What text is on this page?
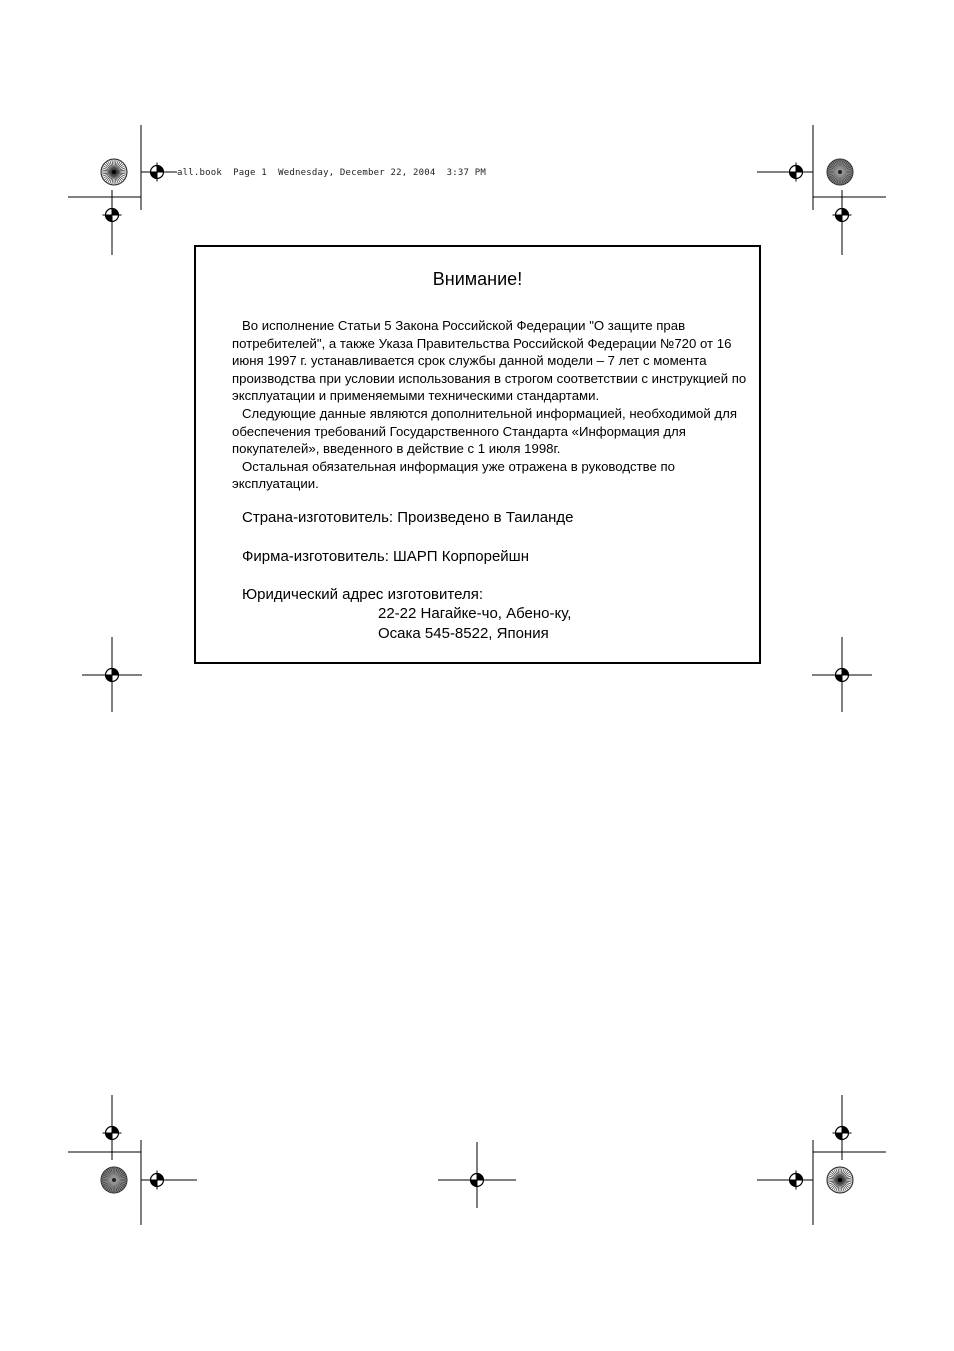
all.book  Page 1  Wednesday, December 22, 2004  3:37 PM
Внимание!

Во исполнение Статьи 5 Закона Российской Федерации "О защите прав потребителей", а также Указа Правительства Российской Федерации №720 от 16 июня 1997 г. устанавливается срок службы данной модели – 7 лет с момента производства при условии использования в строгом соответствии с инструкцией по эксплуатации и применяемыми техническими стандартами.

Следующие данные являются дополнительной информацией, необходимой для обеспечения требований Государственного Стандарта «Информация для покупателей», введенного в действие с 1 июля 1998г.

Остальная обязательная информация уже отражена в руководстве по эксплуатации.

Страна-изготовитель: Произведено в Таиланде
Фирма-изготовитель: ШАРП Корпорейшн
Юридический адрес изготовителя:
22-22 Нагайке-чо, Абено-ку,
Осака 545-8522, Япония
